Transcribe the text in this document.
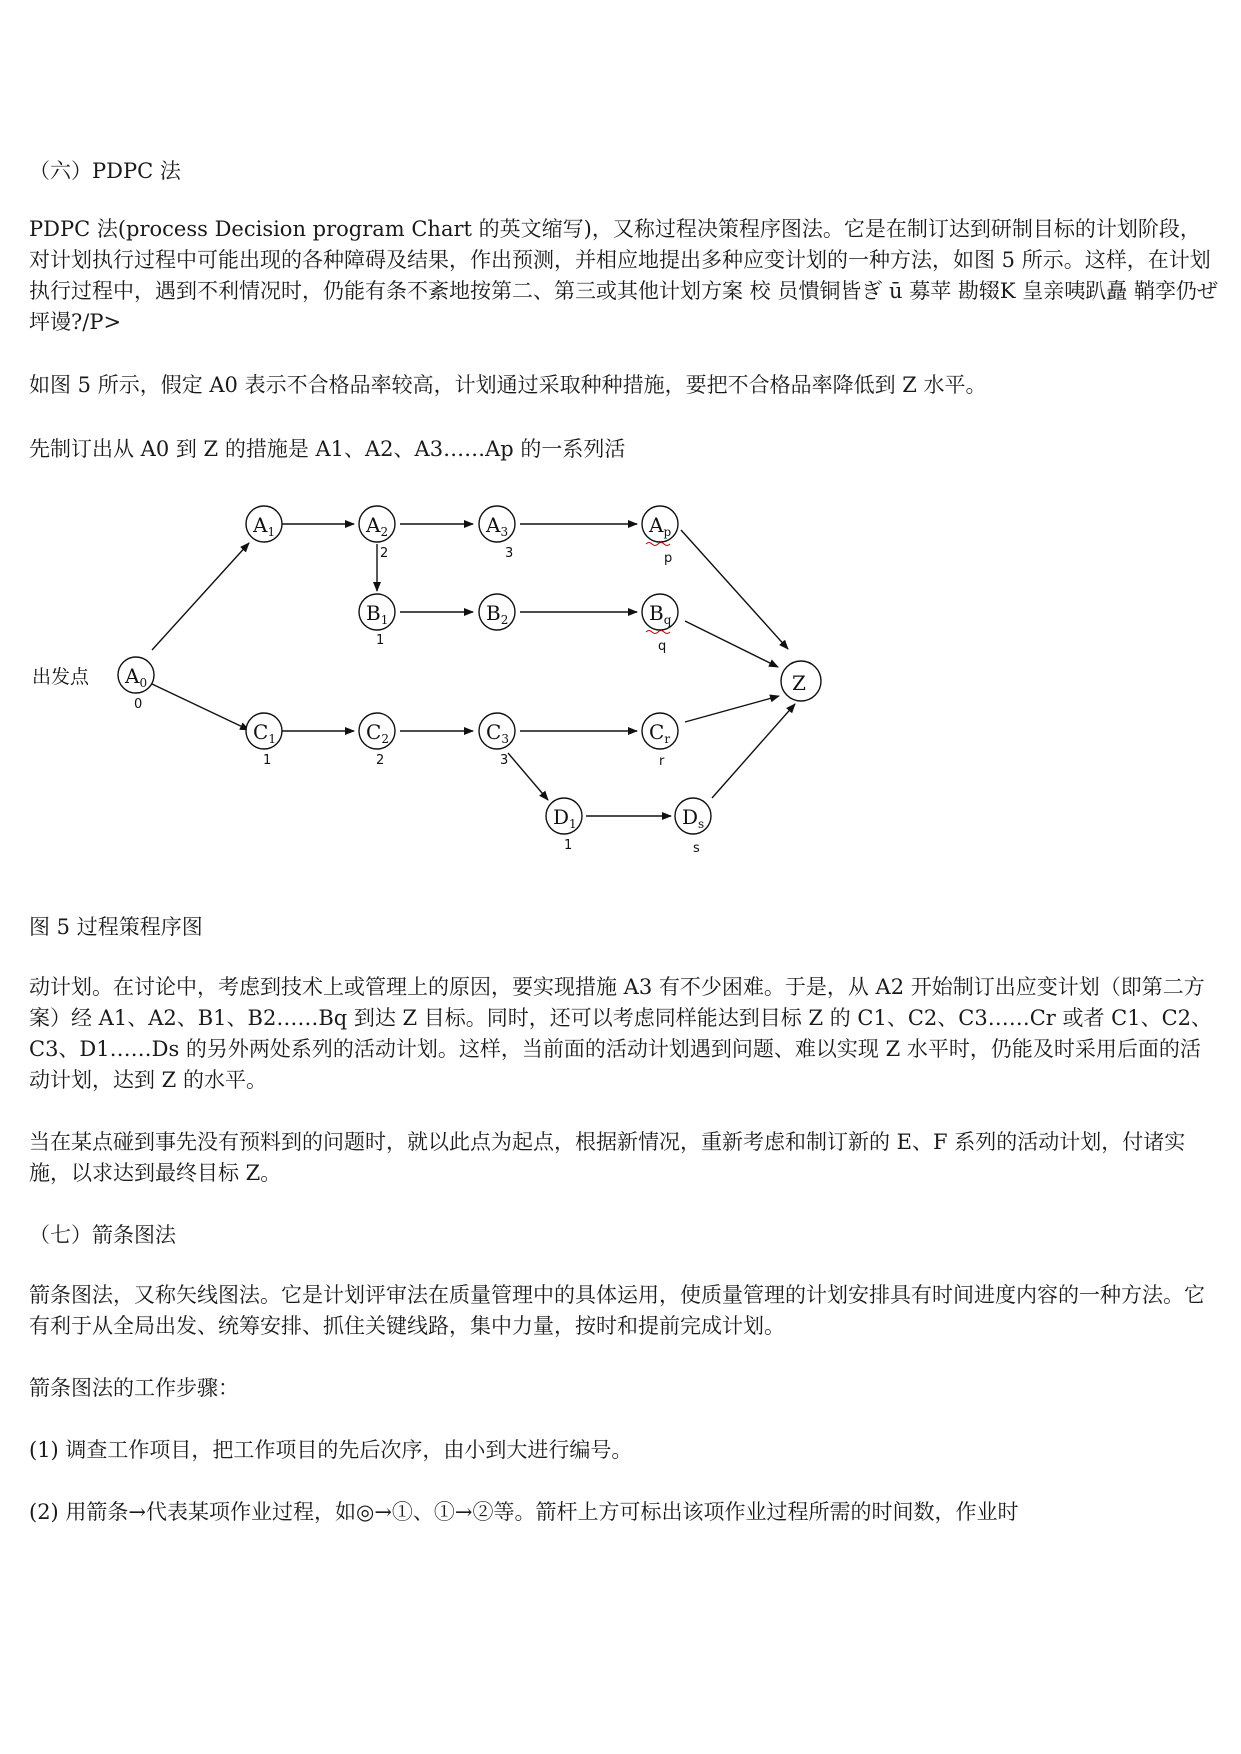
（六）PDPC 法

PDPC 法(process Decision program Chart 的英文缩写)，又称过程决策程序图法。它是在制订达到研制目标的计划阶段，对计划执行过程中可能出现的各种障碍及结果，作出预测，并相应地提出多种应变计划的一种方法，如图 5 所示。这样，在计划执行过程中，遇到不利情况时，仍能有条不紊地按第二、第三或其他计划方案 校 员憒铜皆ぎ ū 募苹 勘辍K 皇亲咦趴矗 鞘孪仍ぜ坪谩?/P>

如图 5 所示，假定 A0 表示不合格品率较高，计划通过采取种种措施，要把不合格品率降低到 Z 水平。

先制订出从 A0 到 Z 的措施是 A1、A2、A3……Ap 的一系列活

出发点 $A_0$
0
$A_1$	$A_2$
2
$A_3$
3
$A_p$
p
$B_1$
1
$B_2$	$B_q$
q
$C_1$
1
$C_2$
2
$C_3$
3
$C_r$
r
$D_1$
1
$D_s$
s
Z

图 5 过程策程序图

动计划。在讨论中，考虑到技术上或管理上的原因，要实现措施 A3 有不少困难。于是，从 A2 开始制订出应变计划（即第二方案）经 A1、A2、B1、B2……Bq 到达 Z 目标。同时，还可以考虑同样能达到目标 Z 的 C1、C2、C3……Cr 或者 C1、C2、C3、D1……Ds 的另外两处系列的活动计划。这样，当前面的活动计划遇到问题、难以实现 Z 水平时，仍能及时采用后面的活动计划，达到 Z 的水平。

当在某点碰到事先没有预料到的问题时，就以此点为起点，根据新情况，重新考虑和制订新的 E、F 系列的活动计划，付诸实施，以求达到最终目标 Z。

（七）箭条图法

箭条图法，又称矢线图法。它是计划评审法在质量管理中的具体运用，使质量管理的计划安排具有时间进度内容的一种方法。它有利于从全局出发、统筹安排、抓住关键线路，集中力量，按时和提前完成计划。

箭条图法的工作步骤：

(1) 调查工作项目，把工作项目的先后次序，由小到大进行编号。

(2) 用箭条→代表某项作业过程，如◎→①、①→②等。箭杆上方可标出该项作业过程所需的时间数，作业时
